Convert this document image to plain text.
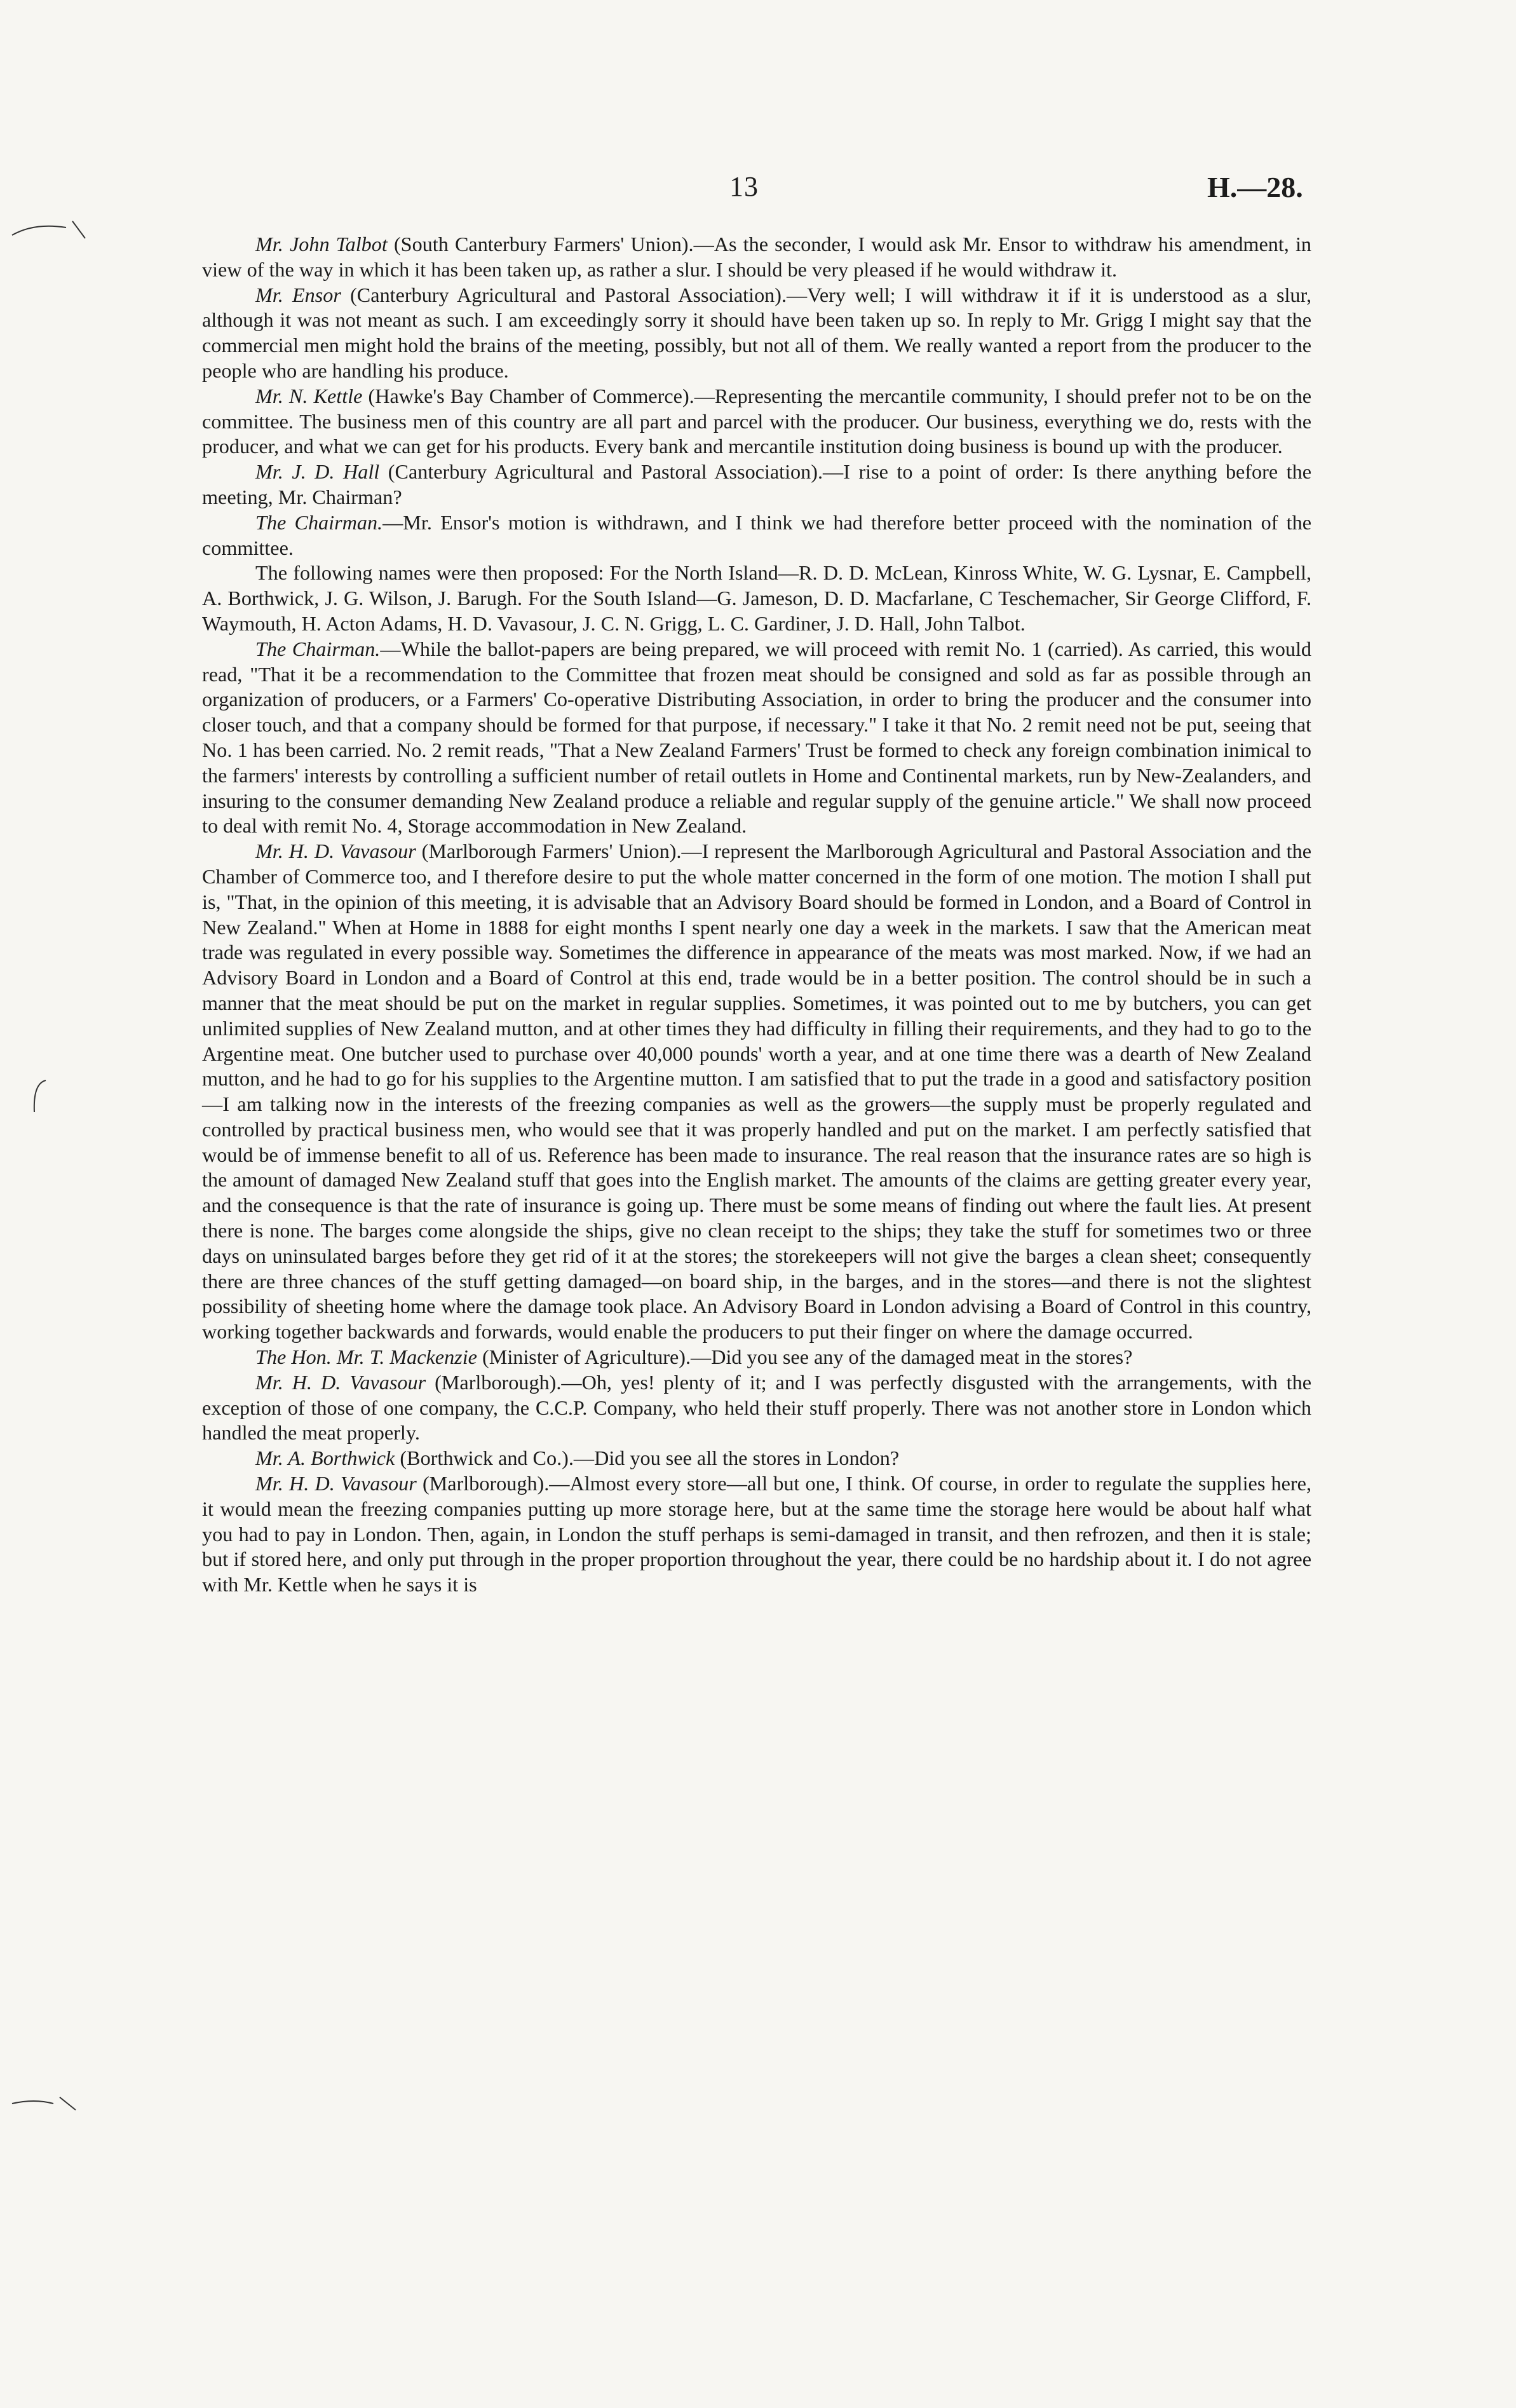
13	H.—28.

Mr. John Talbot (South Canterbury Farmers' Union).—As the seconder, I would ask Mr. Ensor to withdraw his amendment, in view of the way in which it has been taken up, as rather a slur. I should be very pleased if he would withdraw it.

Mr. Ensor (Canterbury Agricultural and Pastoral Association).—Very well; I will withdraw it if it is understood as a slur, although it was not meant as such. I am exceedingly sorry it should have been taken up so. In reply to Mr. Grigg I might say that the commercial men might hold the brains of the meeting, possibly, but not all of them. We really wanted a report from the producer to the people who are handling his produce.

Mr. N. Kettle (Hawke's Bay Chamber of Commerce).—Representing the mercantile community, I should prefer not to be on the committee. The business men of this country are all part and parcel with the producer. Our business, everything we do, rests with the producer, and what we can get for his products. Every bank and mercantile institution doing business is bound up with the producer.

Mr. J. D. Hall (Canterbury Agricultural and Pastoral Association).—I rise to a point of order: Is there anything before the meeting, Mr. Chairman?

The Chairman.—Mr. Ensor's motion is withdrawn, and I think we had therefore better proceed with the nomination of the committee.

The following names were then proposed: For the North Island—R. D. D. McLean, Kinross White, W. G. Lysnar, E. Campbell, A. Borthwick, J. G. Wilson, J. Barugh. For the South Island—G. Jameson, D. D. Macfarlane, C Teschemacher, Sir George Clifford, F. Waymouth, H. Acton Adams, H. D. Vavasour, J. C. N. Grigg, L. C. Gardiner, J. D. Hall, John Talbot.

The Chairman.—While the ballot-papers are being prepared, we will proceed with remit No. 1 (carried). As carried, this would read, "That it be a recommendation to the Committee that frozen meat should be consigned and sold as far as possible through an organization of producers, or a Farmers' Co-operative Distributing Association, in order to bring the producer and the consumer into closer touch, and that a company should be formed for that purpose, if necessary." I take it that No. 2 remit need not be put, seeing that No. 1 has been carried. No. 2 remit reads, "That a New Zealand Farmers' Trust be formed to check any foreign combination inimical to the farmers' interests by controlling a sufficient number of retail outlets in Home and Continental markets, run by New-Zealanders, and insuring to the consumer demanding New Zealand produce a reliable and regular supply of the genuine article." We shall now proceed to deal with remit No. 4, Storage accommodation in New Zealand.

Mr. H. D. Vavasour (Marlborough Farmers' Union).—I represent the Marlborough Agricultural and Pastoral Association and the Chamber of Commerce too, and I therefore desire to put the whole matter concerned in the form of one motion. The motion I shall put is, "That, in the opinion of this meeting, it is advisable that an Advisory Board should be formed in London, and a Board of Control in New Zealand." When at Home in 1888 for eight months I spent nearly one day a week in the markets. I saw that the American meat trade was regulated in every possible way. Sometimes the difference in appearance of the meats was most marked. Now, if we had an Advisory Board in London and a Board of Control at this end, trade would be in a better position. The control should be in such a manner that the meat should be put on the market in regular supplies. Sometimes, it was pointed out to me by butchers, you can get unlimited supplies of New Zealand mutton, and at other times they had difficulty in filling their requirements, and they had to go to the Argentine meat. One butcher used to purchase over 40,000 pounds' worth a year, and at one time there was a dearth of New Zealand mutton, and he had to go for his supplies to the Argentine mutton. I am satisfied that to put the trade in a good and satisfactory position—I am talking now in the interests of the freezing companies as well as the growers—the supply must be properly regulated and controlled by practical business men, who would see that it was properly handled and put on the market. I am perfectly satisfied that would be of immense benefit to all of us. Reference has been made to insurance. The real reason that the insurance rates are so high is the amount of damaged New Zealand stuff that goes into the English market. The amounts of the claims are getting greater every year, and the consequence is that the rate of insurance is going up. There must be some means of finding out where the fault lies. At present there is none. The barges come alongside the ships, give no clean receipt to the ships; they take the stuff for sometimes two or three days on uninsulated barges before they get rid of it at the stores; the storekeepers will not give the barges a clean sheet; consequently there are three chances of the stuff getting damaged—on board ship, in the barges, and in the stores—and there is not the slightest possibility of sheeting home where the damage took place. An Advisory Board in London advising a Board of Control in this country, working together backwards and forwards, would enable the producers to put their finger on where the damage occurred.

The Hon. Mr. T. Mackenzie (Minister of Agriculture).—Did you see any of the damaged meat in the stores?

Mr. H. D. Vavasour (Marlborough).—Oh, yes! plenty of it; and I was perfectly disgusted with the arrangements, with the exception of those of one company, the C.C.P. Company, who held their stuff properly. There was not another store in London which handled the meat properly.

Mr. A. Borthwick (Borthwick and Co.).—Did you see all the stores in London?

Mr. H. D. Vavasour (Marlborough).—Almost every store—all but one, I think. Of course, in order to regulate the supplies here, it would mean the freezing companies putting up more storage here, but at the same time the storage here would be about half what you had to pay in London. Then, again, in London the stuff perhaps is semi-damaged in transit, and then refrozen, and then it is stale; but if stored here, and only put through in the proper proportion throughout the year, there could be no hardship about it. I do not agree with Mr. Kettle when he says it is
